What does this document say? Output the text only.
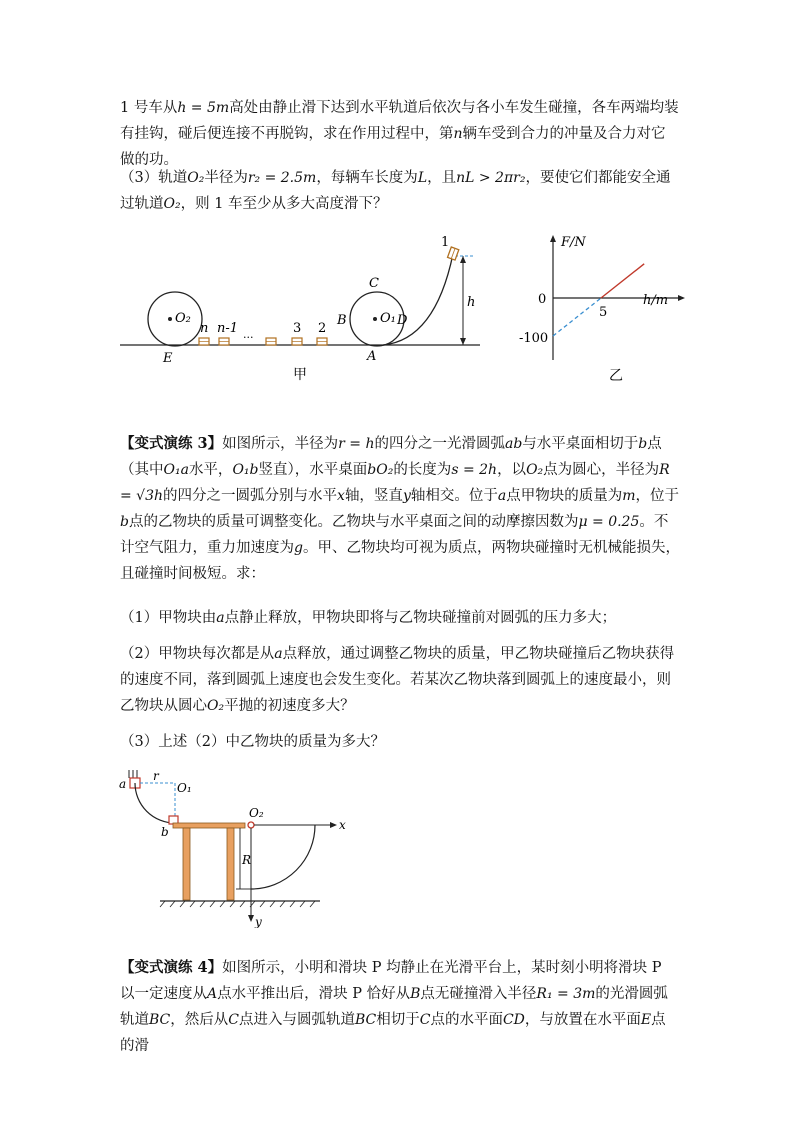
1 号车从h = 5m高处由静止滑下达到水平轨道后依次与各小车发生碰撞，各车两端均装有挂钩，碰后便连接不再脱钩，求在作用过程中，第n辆车受到合力的冲量及合力对它做的功。
（3）轨道O₂半径为r₂ = 2.5m，每辆车长度为L，且nL > 2πr₂，要使它们都能安全通过轨道O₂，则 1 车至少从多大高度滑下？
O₂
E
O₁
C
B	D
A
h
1
n n-1 ...	3 2
甲
F/N
h/m
0
5
-100
乙
【变式演练 3】如图所示，半径为r = h的四分之一光滑圆弧ab与水平桌面相切于b点（其中O₁a水平，O₁b竖直），水平桌面bO₂的长度为s = 2h，以O₂点为圆心，半径为R = √3h的四分之一圆弧分别与水平x轴，竖直y轴相交。位于a点甲物块的质量为m，位于b点的乙物块的质量可调整变化。乙物块与水平桌面之间的动摩擦因数为μ = 0.25。不计空气阻力，重力加速度为g。甲、乙物块均可视为质点，两物块碰撞时无机械能损失，且碰撞时间极短。求：
（1）甲物块由a点静止释放，甲物块即将与乙物块碰撞前对圆弧的压力多大；
（2）甲物块每次都是从a点释放，通过调整乙物块的质量，甲乙物块碰撞后乙物块获得的速度不同，落到圆弧上速度也会发生变化。若某次乙物块落到圆弧上的速度最小，则乙物块从圆心O₂平抛的初速度多大？
（3）上述（2）中乙物块的质量为多大？
a
r
O₁
b
O₂
x
y
R
【变式演练 4】如图所示，小明和滑块 P 均静止在光滑平台上，某时刻小明将滑块 P 以一定速度从A点水平推出后，滑块 P 恰好从B点无碰撞滑入半径R₁ = 3m的光滑圆弧轨道BC，然后从C点进入与圆弧轨道BC相切于C点的水平面CD，与放置在水平面E点的滑
